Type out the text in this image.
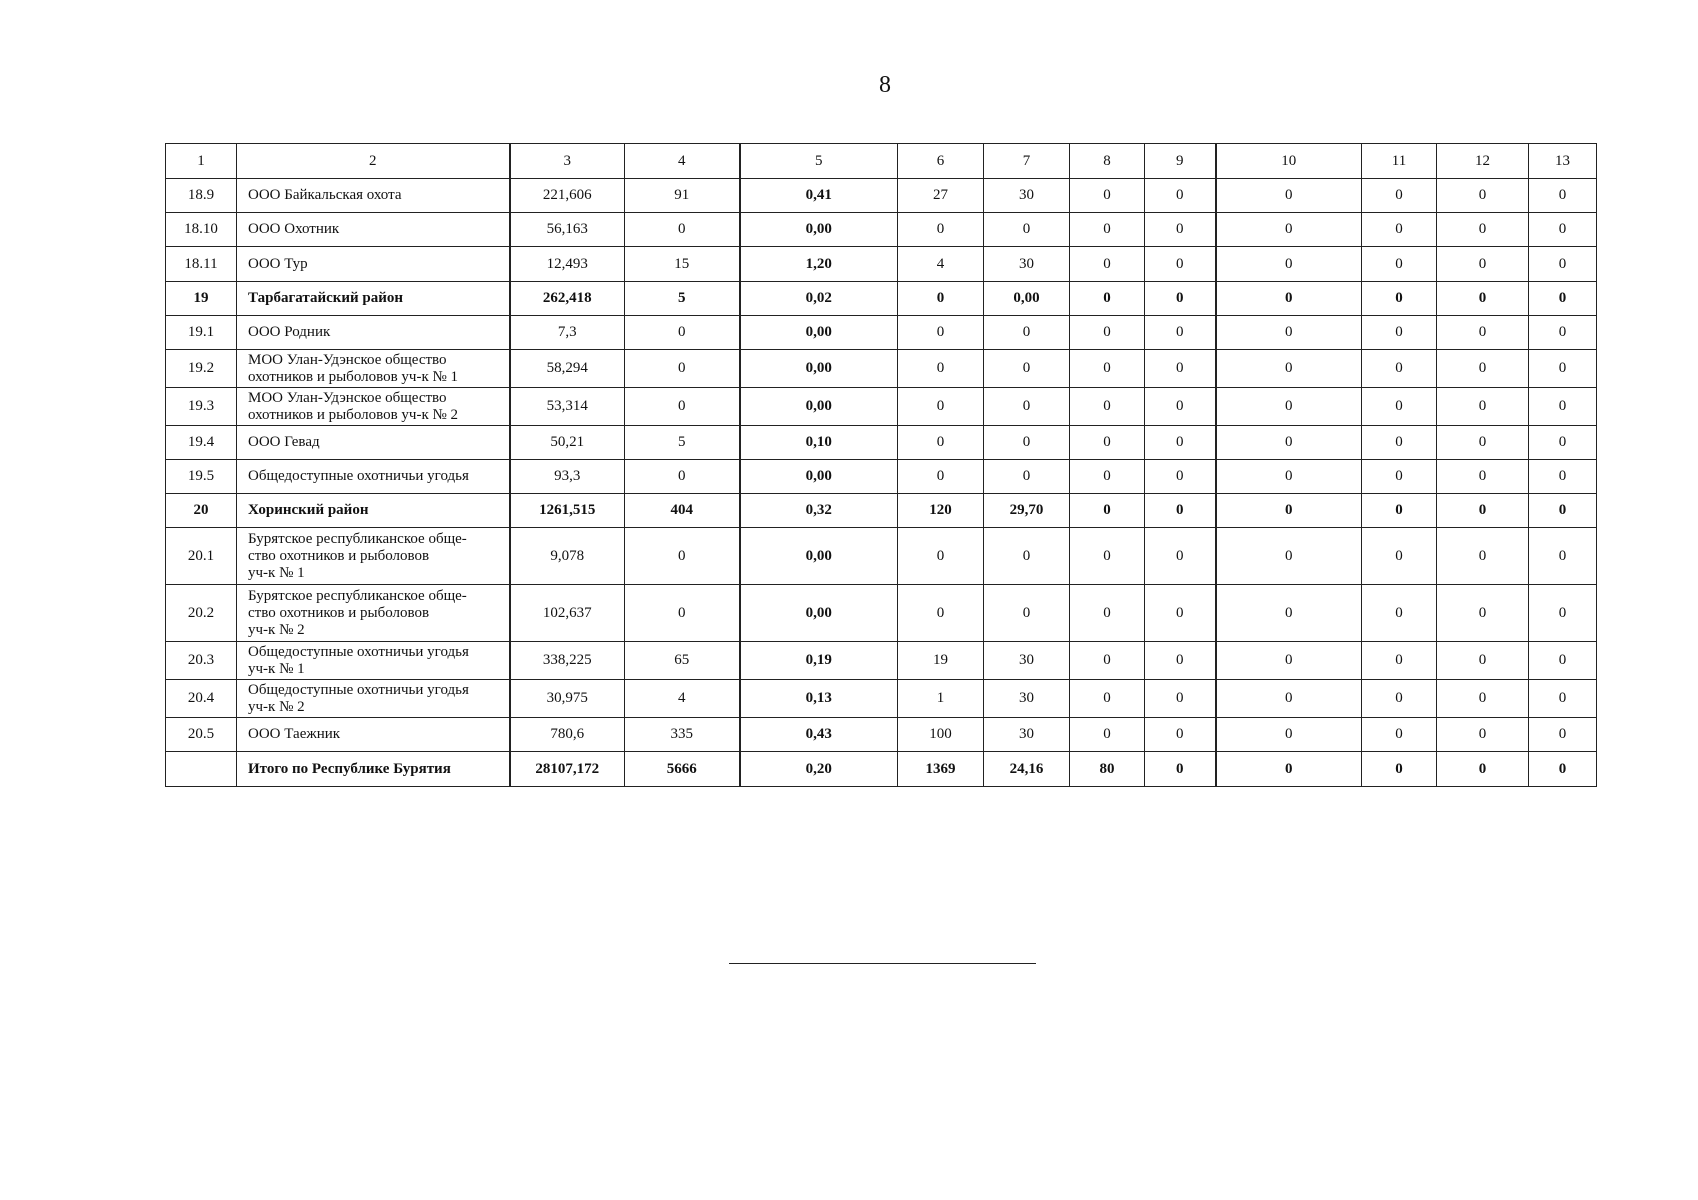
8
1	2	3	4	5	6	7	8	9	10	11	12	13
18.9	ООО Байкальская охота	221,606	91	0,41	27	30	0	0	0	0	0	0
18.10	ООО Охотник	56,163	0	0,00	0	0	0	0	0	0	0	0
18.11	ООО Тур	12,493	15	1,20	4	30	0	0	0	0	0	0
19	Тарбагатайский район	262,418	5	0,02	0	0,00	0	0	0	0	0	0
19.1	ООО Родник	7,3	0	0,00	0	0	0	0	0	0	0	0
19.2	МОО Улан-Удэнское общество
охотников и рыболовов уч-к № 1	58,294	0	0,00	0	0	0	0	0	0	0	0
19.3	МОО Улан-Удэнское общество
охотников и рыболовов уч-к № 2	53,314	0	0,00	0	0	0	0	0	0	0	0
19.4	ООО Гевад	50,21	5	0,10	0	0	0	0	0	0	0	0
19.5	Общедоступные охотничьи угодья	93,3	0	0,00	0	0	0	0	0	0	0	0
20	Хоринский район	1261,515	404	0,32	120	29,70	0	0	0	0	0	0
20.1	Бурятское республиканское обще-
ство охотников и рыболовов
уч-к № 1	9,078	0	0,00	0	0	0	0	0	0	0	0
20.2	Бурятское республиканское обще-
ство охотников и рыболовов
уч-к № 2	102,637	0	0,00	0	0	0	0	0	0	0	0
20.3	Общедоступные охотничьи угодья
уч-к № 1	338,225	65	0,19	19	30	0	0	0	0	0	0
20.4	Общедоступные охотничьи угодья
уч-к № 2	30,975	4	0,13	1	30	0	0	0	0	0	0
20.5	ООО Таежник	780,6	335	0,43	100	30	0	0	0	0	0	0
	Итого по Республике Бурятия	28107,172	5666	0,20	1369	24,16	80	0	0	0	0	0
